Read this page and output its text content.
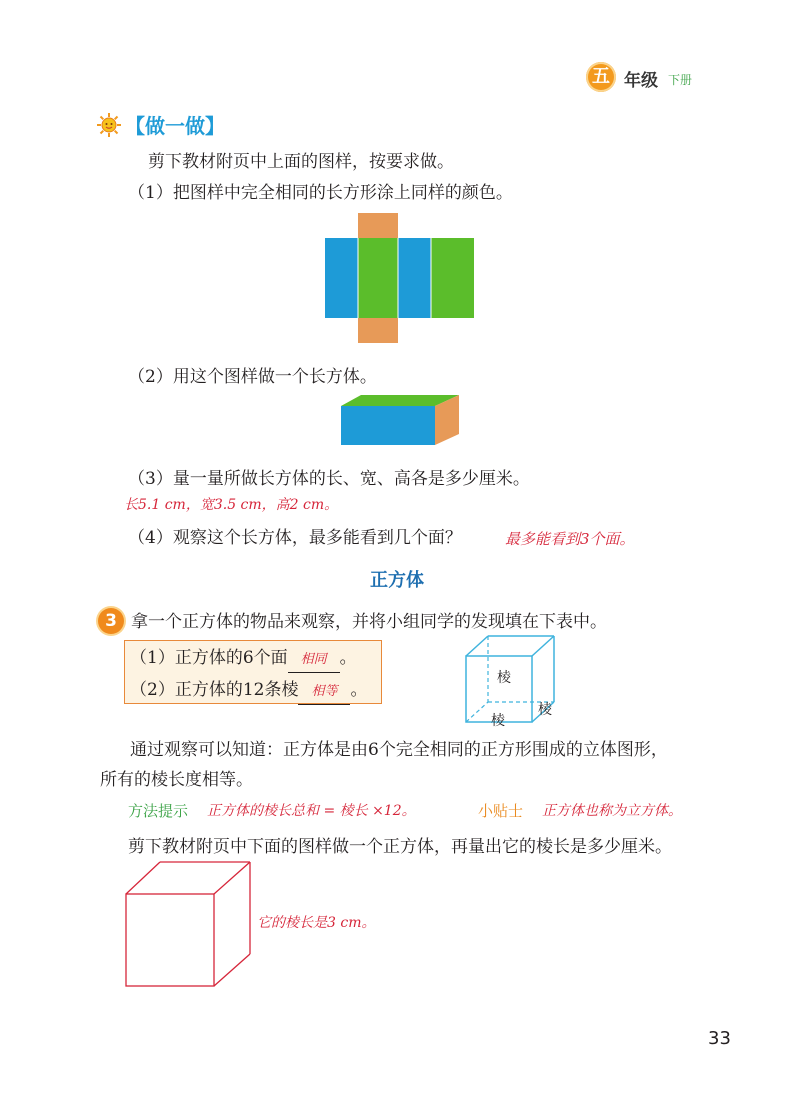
五 年级 下册
【做一做】
剪下教材附页中上面的图样，按要求做。
（1）把图样中完全相同的长方形涂上同样的颜色。
（2）用这个图样做一个长方体。
（3）量一量所做长方体的长、宽、高各是多少厘米。
长5.1 cm，宽3.5 cm，高2 cm。
（4）观察这个长方体，最多能看到几个面？	最多能看到3个面。
正方体
3 拿一个正方体的物品来观察，并将小组同学的发现填在下表中。
（1）正方体的6个面 相同 。
（2）正方体的12条棱 相等 。
棱
棱
棱
通过观察可以知道：正方体是由6个完全相同的正方形围成的立体图形，
所有的棱长度相等。
方法提示 正方体的棱长总和 = 棱长 ×12。	小贴士 正方体也称为立方体。
剪下教材附页中下面的图样做一个正方体，再量出它的棱长是多少厘米。
它的棱长是3 cm。
33
